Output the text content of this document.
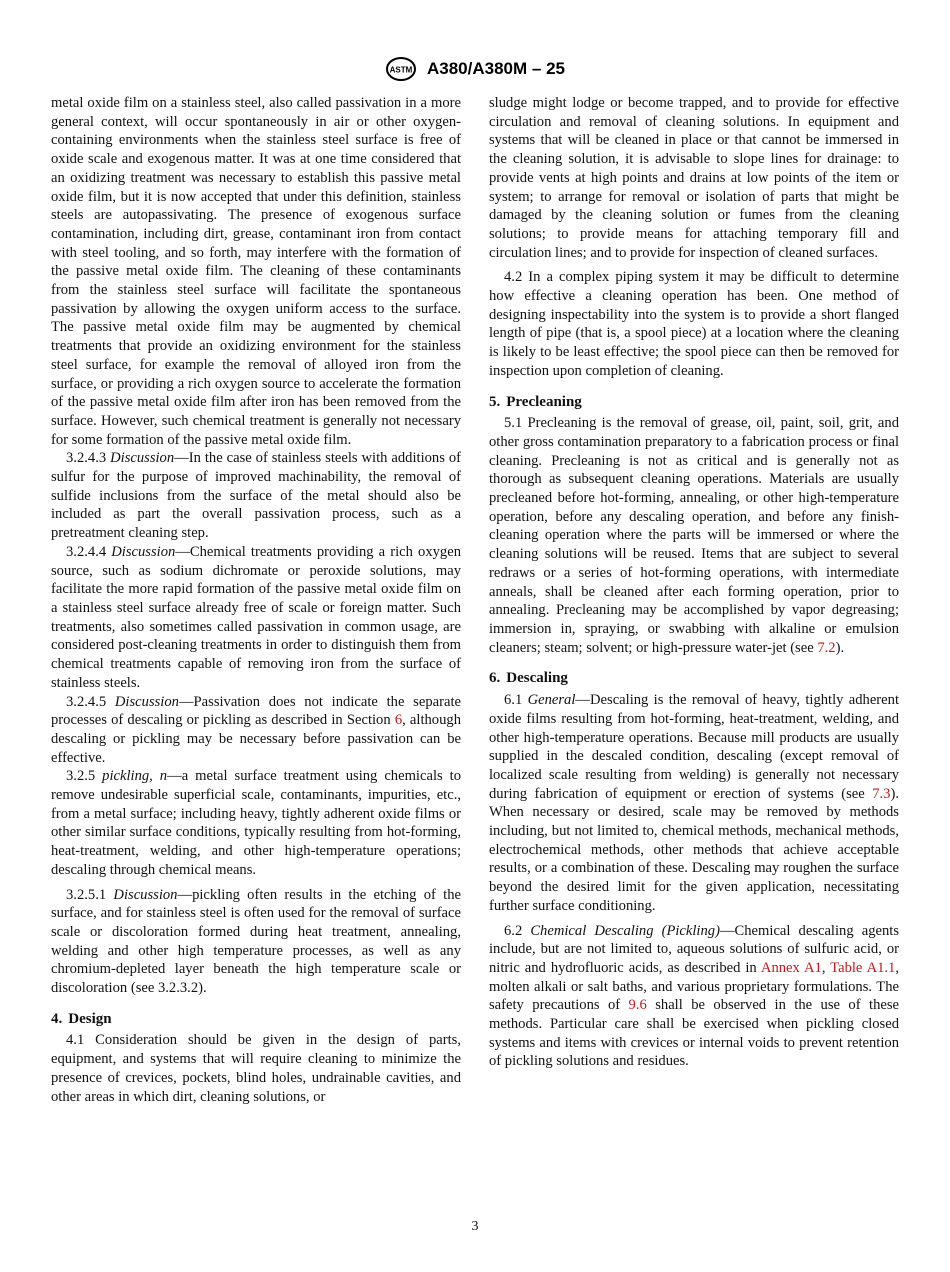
ASTM A380/A380M – 25

metal oxide film on a stainless steel, also called passivation in a more general context, will occur spontaneously in air or other oxygen-containing environments when the stainless steel surface is free of oxide scale and exogenous matter. It was at one time considered that an oxidizing treatment was necessary to establish this passive metal oxide film, but it is now accepted that under this definition, stainless steels are autopassivating. The presence of exogenous surface contamination, including dirt, grease, contaminant iron from contact with steel tooling, and so forth, may interfere with the formation of the passive metal oxide film. The cleaning of these contaminants from the stainless steel surface will facilitate the spontaneous passivation by allowing the oxygen uniform access to the surface. The passive metal oxide film may be augmented by chemical treatments that provide an oxidizing environment for the stainless steel surface, for example the removal of alloyed iron from the surface, or providing a rich oxygen source to accelerate the formation of the passive metal oxide film after iron has been removed from the surface. However, such chemical treatment is generally not necessary for some formation of the passive metal oxide film.

3.2.4.3 Discussion—In the case of stainless steels with additions of sulfur for the purpose of improved machinability, the removal of sulfide inclusions from the surface of the metal should also be included as part the overall passivation process, such as a pretreatment cleaning step.

3.2.4.4 Discussion—Chemical treatments providing a rich oxygen source, such as sodium dichromate or peroxide solutions, may facilitate the more rapid formation of the passive metal oxide film on a stainless steel surface already free of scale or foreign matter. Such treatments, also sometimes called passivation in common usage, are considered post-cleaning treatments in order to distinguish them from chemical treatments capable of removing iron from the surface of stainless steels.

3.2.4.5 Discussion—Passivation does not indicate the separate processes of descaling or pickling as described in Section 6, although descaling or pickling may be necessary before passivation can be effective.

3.2.5 pickling, n—a metal surface treatment using chemicals to remove undesirable superficial scale, contaminants, impurities, etc., from a metal surface; including heavy, tightly adherent oxide films or other similar surface conditions, typically resulting from hot-forming, heat-treatment, welding, and other high-temperature operations; descaling through chemical means.

3.2.5.1 Discussion—pickling often results in the etching of the surface, and for stainless steel is often used for the removal of surface scale or discoloration formed during heat treatment, annealing, welding and other high temperature processes, as well as any chromium-depleted layer beneath the high temperature scale or discoloration (see 3.2.3.2).

4. Design

4.1 Consideration should be given in the design of parts, equipment, and systems that will require cleaning to minimize the presence of crevices, pockets, blind holes, undrainable cavities, and other areas in which dirt, cleaning solutions, or

sludge might lodge or become trapped, and to provide for effective circulation and removal of cleaning solutions. In equipment and systems that will be cleaned in place or that cannot be immersed in the cleaning solution, it is advisable to slope lines for drainage: to provide vents at high points and drains at low points of the item or system; to arrange for removal or isolation of parts that might be damaged by the cleaning solution or fumes from the cleaning solutions; to provide means for attaching temporary fill and circulation lines; and to provide for inspection of cleaned surfaces.

4.2 In a complex piping system it may be difficult to determine how effective a cleaning operation has been. One method of designing inspectability into the system is to provide a short flanged length of pipe (that is, a spool piece) at a location where the cleaning is likely to be least effective; the spool piece can then be removed for inspection upon completion of cleaning.

5. Precleaning

5.1 Precleaning is the removal of grease, oil, paint, soil, grit, and other gross contamination preparatory to a fabrication process or final cleaning. Precleaning is not as critical and is generally not as thorough as subsequent cleaning operations. Materials are usually precleaned before hot-forming, annealing, or other high-temperature operation, before any descaling operation, and before any finish-cleaning operation where the parts will be immersed or where the cleaning solutions will be reused. Items that are subject to several redraws or a series of hot-forming operations, with intermediate anneals, shall be cleaned after each forming operation, prior to annealing. Precleaning may be accomplished by vapor degreasing; immersion in, spraying, or swabbing with alkaline or emulsion cleaners; steam; solvent; or high-pressure water-jet (see 7.2).

6. Descaling

6.1 General—Descaling is the removal of heavy, tightly adherent oxide films resulting from hot-forming, heat-treatment, welding, and other high-temperature operations. Because mill products are usually supplied in the descaled condition, descaling (except removal of localized scale resulting from welding) is generally not necessary during fabrication of equipment or erection of systems (see 7.3). When necessary or desired, scale may be removed by methods including, but not limited to, chemical methods, mechanical methods, electrochemical methods, other methods that achieve acceptable results, or a combination of these. Descaling may roughen the surface beyond the desired limit for the given application, necessitating further surface conditioning.

6.2 Chemical Descaling (Pickling)—Chemical descaling agents include, but are not limited to, aqueous solutions of sulfuric acid, or nitric and hydrofluoric acids, as described in Annex A1, Table A1.1, molten alkali or salt baths, and various proprietary formulations. The safety precautions of 9.6 shall be observed in the use of these methods. Particular care shall be exercised when pickling closed systems and items with crevices or internal voids to prevent retention of pickling solutions and residues.

3
